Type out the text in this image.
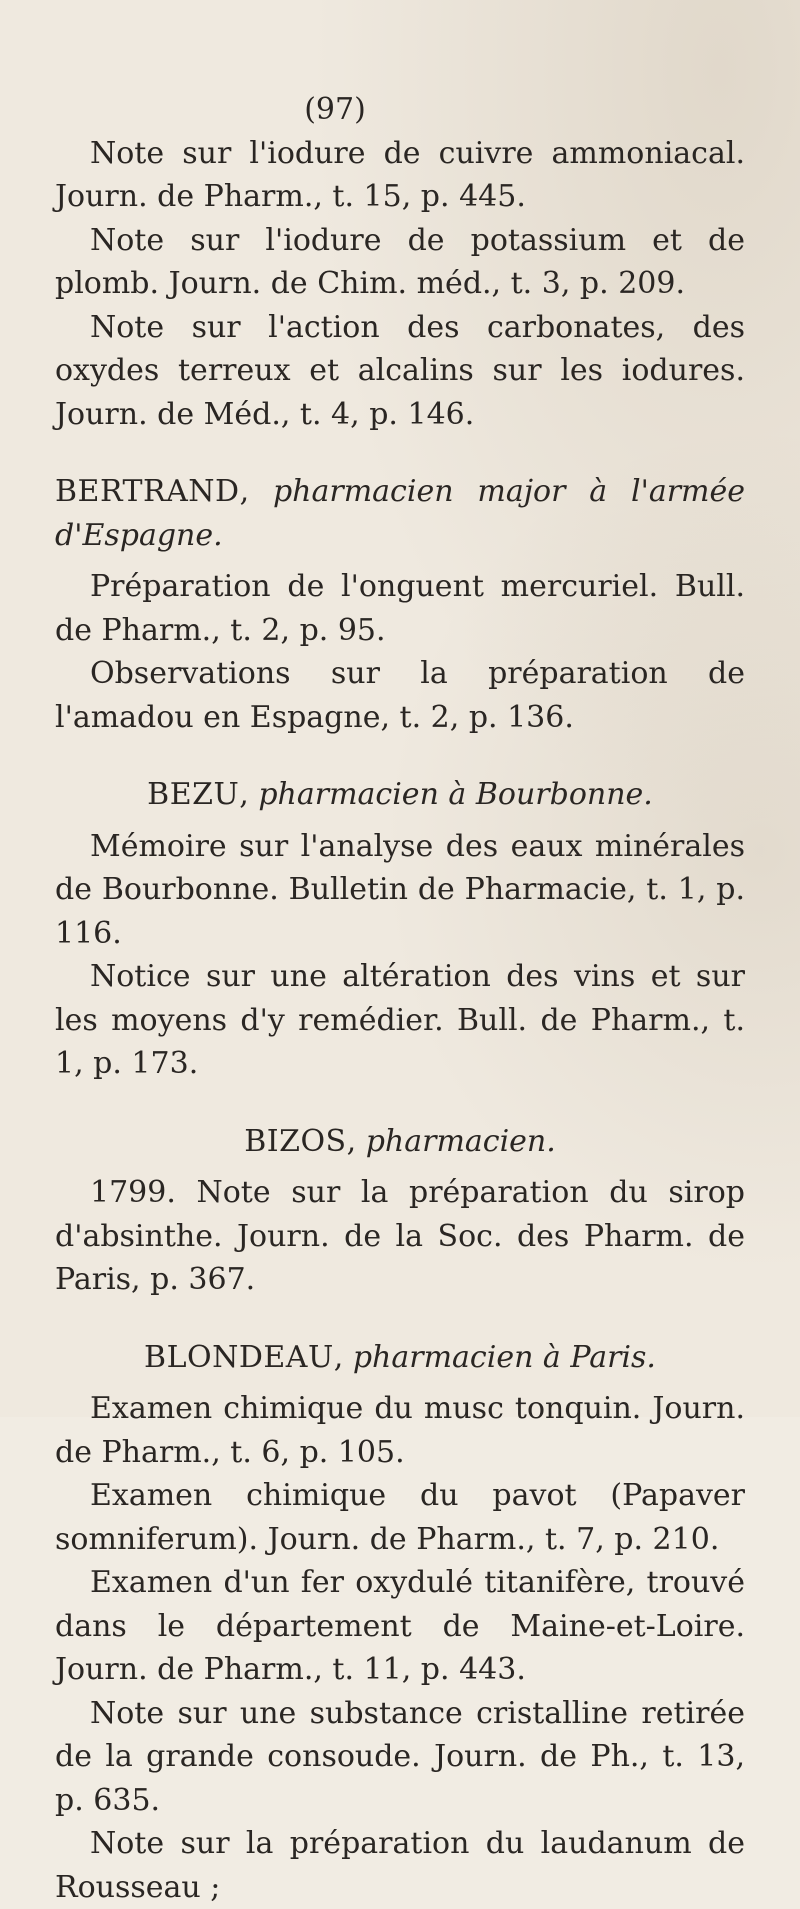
(97)

Note sur l'iodure de cuivre ammoniacal. Journ. de Pharm., t. 15, p. 445.

Note sur l'iodure de potassium et de plomb. Journ. de Chim. méd., t. 3, p. 209.

Note sur l'action des carbonates, des oxydes terreux et alcalins sur les iodures. Journ. de Méd., t. 4, p. 146.

BERTRAND, pharmacien major à l'armée d'Espagne.

Préparation de l'onguent mercuriel. Bull. de Pharm., t. 2, p. 95.

Observations sur la préparation de l'amadou en Espagne, t. 2, p. 136.

BEZU, pharmacien à Bourbonne.

Mémoire sur l'analyse des eaux minérales de Bourbonne. Bulletin de Pharmacie, t. 1, p. 116.

Notice sur une altération des vins et sur les moyens d'y remédier. Bull. de Pharm., t. 1, p. 173.

BIZOS, pharmacien.

1799. Note sur la préparation du sirop d'absinthe. Journ. de la Soc. des Pharm. de Paris, p. 367.

BLONDEAU, pharmacien à Paris.

Examen chimique du musc tonquin. Journ. de Pharm., t. 6, p. 105.

Examen chimique du pavot (Papaver somniferum). Journ. de Pharm., t. 7, p. 210.

Examen d'un fer oxydulé titanifère, trouvé dans le département de Maine-et-Loire. Journ. de Pharm., t. 11, p. 443.

Note sur une substance cristalline retirée de la grande consoude. Journ. de Ph., t. 13, p. 635.

Note sur la préparation du laudanum de Rousseau ;
